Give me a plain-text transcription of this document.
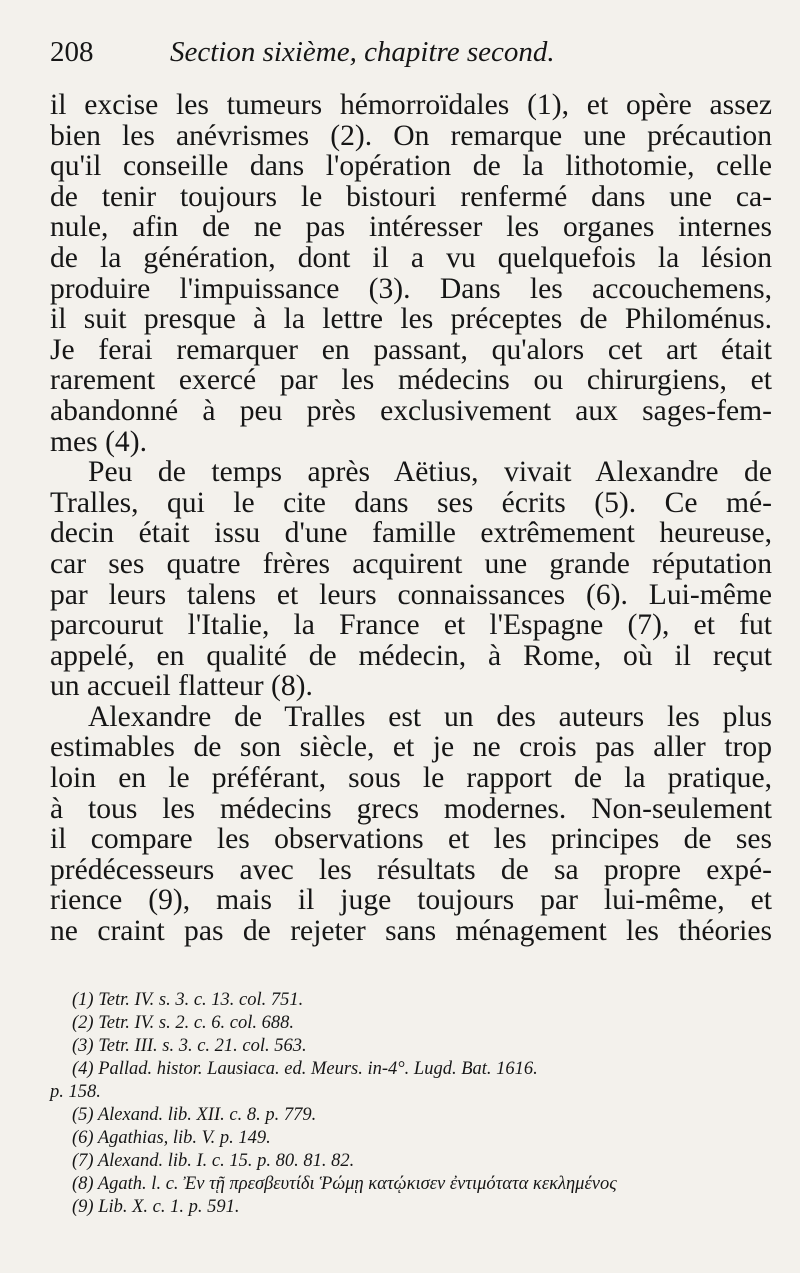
208	Section sixième, chapitre second.
il excise les tumeurs hémorroïdales (1), et opère assez
bien les anévrismes (2). On remarque une précaution
qu'il conseille dans l'opération de la lithotomie, celle
de tenir toujours le bistouri renfermé dans une ca-
nule, afin de ne pas intéresser les organes internes
de la génération, dont il a vu quelquefois la lésion
produire l'impuissance (3). Dans les accouchemens,
il suit presque à la lettre les préceptes de Philoménus.
Je ferai remarquer en passant, qu'alors cet art était
rarement exercé par les médecins ou chirurgiens, et
abandonné à peu près exclusivement aux sages-fem-
mes (4).
Peu de temps après Aëtius, vivait Alexandre de
Tralles, qui le cite dans ses écrits (5). Ce mé-
decin était issu d'une famille extrêmement heureuse,
car ses quatre frères acquirent une grande réputation
par leurs talens et leurs connaissances (6). Lui-même
parcourut l'Italie, la France et l'Espagne (7), et fut
appelé, en qualité de médecin, à Rome, où il reçut
un accueil flatteur (8).
Alexandre de Tralles est un des auteurs les plus
estimables de son siècle, et je ne crois pas aller trop
loin en le préférant, sous le rapport de la pratique,
à tous les médecins grecs modernes. Non-seulement
il compare les observations et les principes de ses
prédécesseurs avec les résultats de sa propre expé-
rience (9), mais il juge toujours par lui-même, et
ne craint pas de rejeter sans ménagement les théories
(1) Tetr. IV. s. 3. c. 13. col. 751.
(2) Tetr. IV. s. 2. c. 6. col. 688.
(3) Tetr. III. s. 3. c. 21. col. 563.
(4) Pallad. histor. Lausiaca. ed. Meurs. in-4°. Lugd. Bat. 1616.
p. 158.
(5) Alexand. lib. XII. c. 8. p. 779.
(6) Agathias, lib. V. p. 149.
(7) Alexand. lib. I. c. 15. p. 80. 81. 82.
(8) Agath. l. c. Ἐν τῇ πρεσβευτίδι Ῥώμῃ κατῴκισεν ἐντιμότατα κεκλημένος
(9) Lib. X. c. 1. p. 591.
